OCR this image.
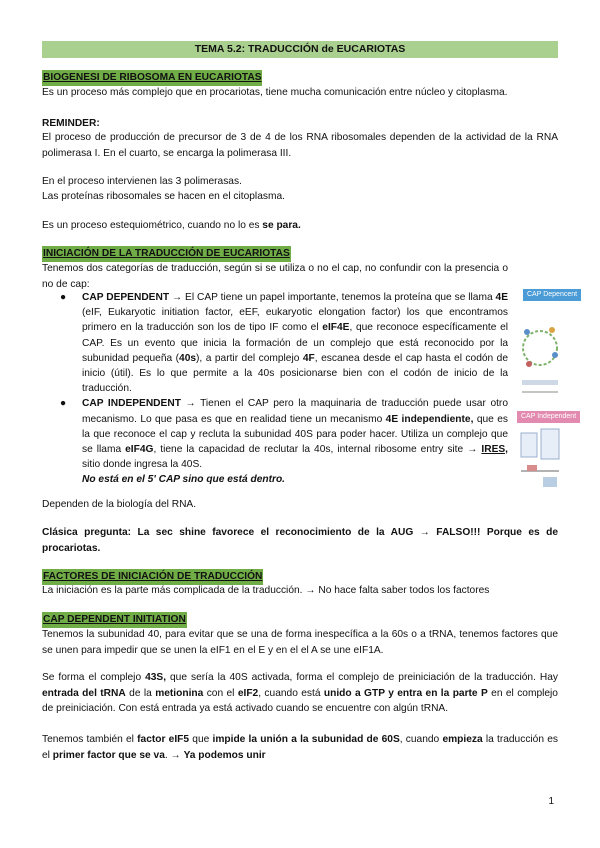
TEMA 5.2: TRADUCCIÓN de EUCARIOTAS

BIOGENESI DE RIBOSOMA EN EUCARIOTAS

Es un proceso más complejo que en procariotas, tiene mucha comunicación entre núcleo y citoplasma.

REMINDER:

El proceso de producción de precursor de 3 de 4 de los RNA ribosomales dependen de la actividad de la RNA polimerasa I. En el cuarto, se encarga la polimerasa III.

En el proceso intervienen las 3 polimerasas.

Las proteínas ribosomales se hacen en el citoplasma.

Es un proceso estequiométrico, cuando no lo es se para.

INICIACIÓN DE LA TRADUCCIÓN DE EUCARIOTAS

Tenemos dos categorías de traducción, según si se utiliza o no el cap, no confundir con la presencia o no de cap:

● CAP DEPENDENT → El CAP tiene un papel importante, tenemos la proteína que se llama 4E (eIF, Eukaryotic initiation factor, eEF, eukaryotic elongation factor) los que encontramos primero en la traducción son los de tipo IF como el eIF4E, que reconoce específicamente el CAP. Es un evento que inicia la formación de un complejo que está reconocido por la subunidad pequeña (40s), a partir del complejo 4F, escanea desde el cap hasta el codón de inicio (útil). Es lo que permite a la 40s posicionarse bien con el codón de inicio de la traducción.
● CAP INDEPENDENT → Tienen el CAP pero la maquinaria de traducción puede usar otro mecanismo. Lo que pasa es que en realidad tiene un mecanismo 4E independiente, que es la que reconoce el cap y recluta la subunidad 40S para poder hacer. Utiliza un complejo que se llama eIF4G, tiene la capacidad de reclutar la 40s, internal ribosome entry site → IRES, sitio donde ingresa la 40S.
No está en el 5' CAP sino que está dentro.

Dependen de la biología del RNA.

Clásica pregunta: La sec shine favorece el reconocimiento de la AUG → FALSO!!! Porque es de procariotas.

FACTORES DE INICIACIÓN DE TRADUCCIÓN

La iniciación es la parte más complicada de la traducción. → No hace falta saber todos los factores

CAP DEPENDENT INITIATION

Tenemos la subunidad 40, para evitar que se una de forma inespecífica a la 60s o a tRNA, tenemos factores que se unen para impedir que se unen la eIF1 en el E y en el el A se une eIF1A.

Se forma el complejo 43S, que sería la 40S activada, forma el complejo de preiniciación de la traducción. Hay entrada del tRNA de la metionina con el eIF2, cuando está unido a GTP y entra en la parte P en el complejo de preiniciación. Con está entrada ya está activado cuando se encuentre con algún tRNA.

Tenemos también el factor eIF5 que impide la unión a la subunidad de 60S, cuando empieza la traducción es el primer factor que se va. → Ya podemos unir

CAP Depencent
CAP Independent
1
